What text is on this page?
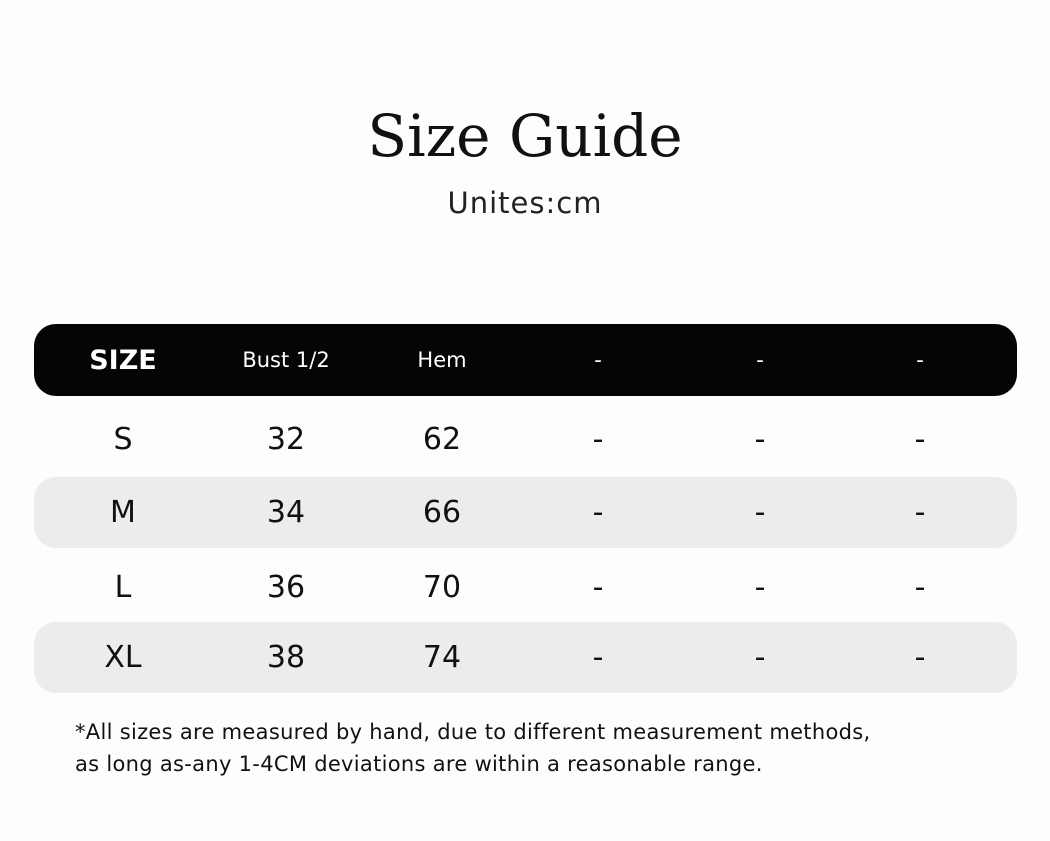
Size Guide
Unites:cm
SIZE	Bust 1/2	Hem	-	-	-
S	32	62	-	-	-
M	34	66	-	-	-
L	36	70	-	-	-
XL	38	74	-	-	-
*All sizes are measured by hand, due to different measurement methods,
as long as-any 1-4CM deviations are within a reasonable range.
